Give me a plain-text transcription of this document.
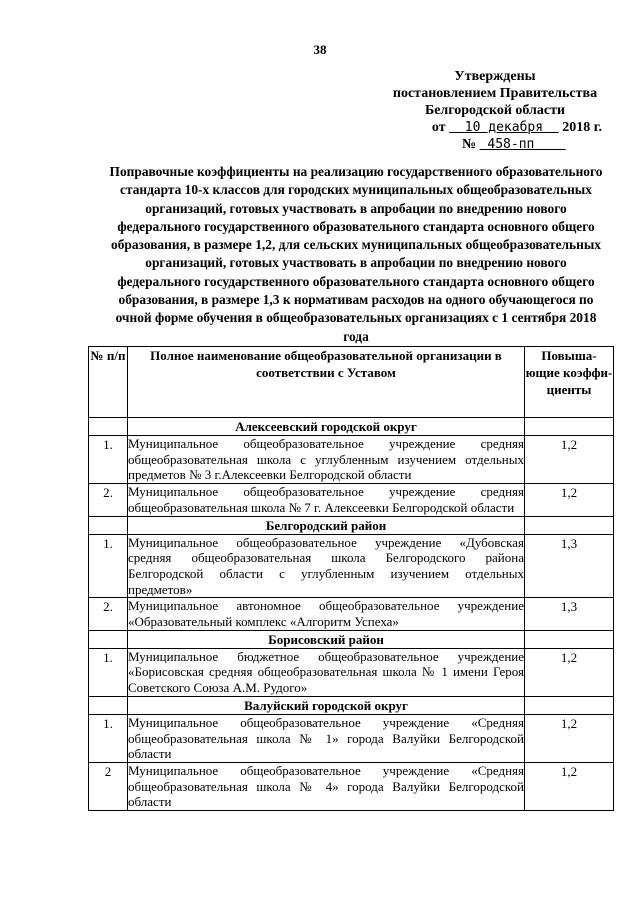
38
Утверждены
постановлением Правительства
Белгородской области
от 10 декабря 2018 г.
№ 458-пп
Поправочные коэффициенты на реализацию государственного образовательного стандарта 10-х классов для городских муниципальных общеобразовательных организаций, готовых участвовать в апробации по внедрению нового федерального государственного образовательного стандарта основного общего образования, в размере 1,2, для сельских муниципальных общеобразовательных организаций, готовых участвовать в апробации по внедрению нового федерального государственного образовательного стандарта основного общего образования, в размере 1,3 к нормативам расходов на одного обучающегося по очной форме обучения в общеобразовательных организациях с 1 сентября 2018 года
№ п/п	Полное наименование общеобразовательной организации в соответствии с Уставом	Повыша-ющие коэффи-циенты
	Алексеевский городской округ	
1.	Муниципальное общеобразовательное учреждение средняя общеобразовательная школа с углубленным изучением отдельных предметов № 3 г.Алексеевки Белгородской области	1,2
2.	Муниципальное общеобразовательное учреждение средняя общеобразовательная школа № 7 г. Алексеевки Белгородской области	1,2
	Белгородский район	
1.	Муниципальное общеобразовательное учреждение «Дубовская средняя общеобразовательная школа Белгородского района Белгородской области с углубленным изучением отдельных предметов»	1,3
2.	Муниципальное автономное общеобразовательное учреждение «Образовательный комплекс «Алгоритм Успеха»	1,3
	Борисовский район	
1.	Муниципальное бюджетное общеобразовательное учреждение «Борисовская средняя общеобразовательная школа № 1 имени Героя Советского Союза А.М. Рудого»	1,2
	Валуйский городской округ	
1.	Муниципальное общеобразовательное учреждение «Средняя общеобразовательная школа № 1» города Валуйки Белгородской области	1,2
2	Муниципальное общеобразовательное учреждение «Средняя общеобразовательная школа № 4» города Валуйки Белгородской области	1,2
